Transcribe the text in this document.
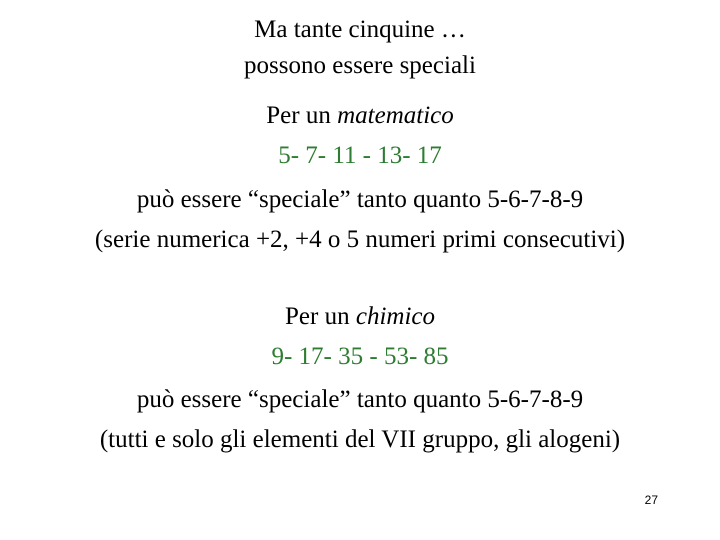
Ma tante cinquine …
possono essere speciali
Per un matematico
5- 7- 11 - 13- 17
può essere “speciale” tanto quanto 5-6-7-8-9
(serie numerica +2, +4 o 5 numeri primi consecutivi)
Per un chimico
9- 17- 35 - 53- 85
può essere “speciale” tanto quanto 5-6-7-8-9
(tutti e solo gli elementi del VII gruppo, gli alogeni)
27
